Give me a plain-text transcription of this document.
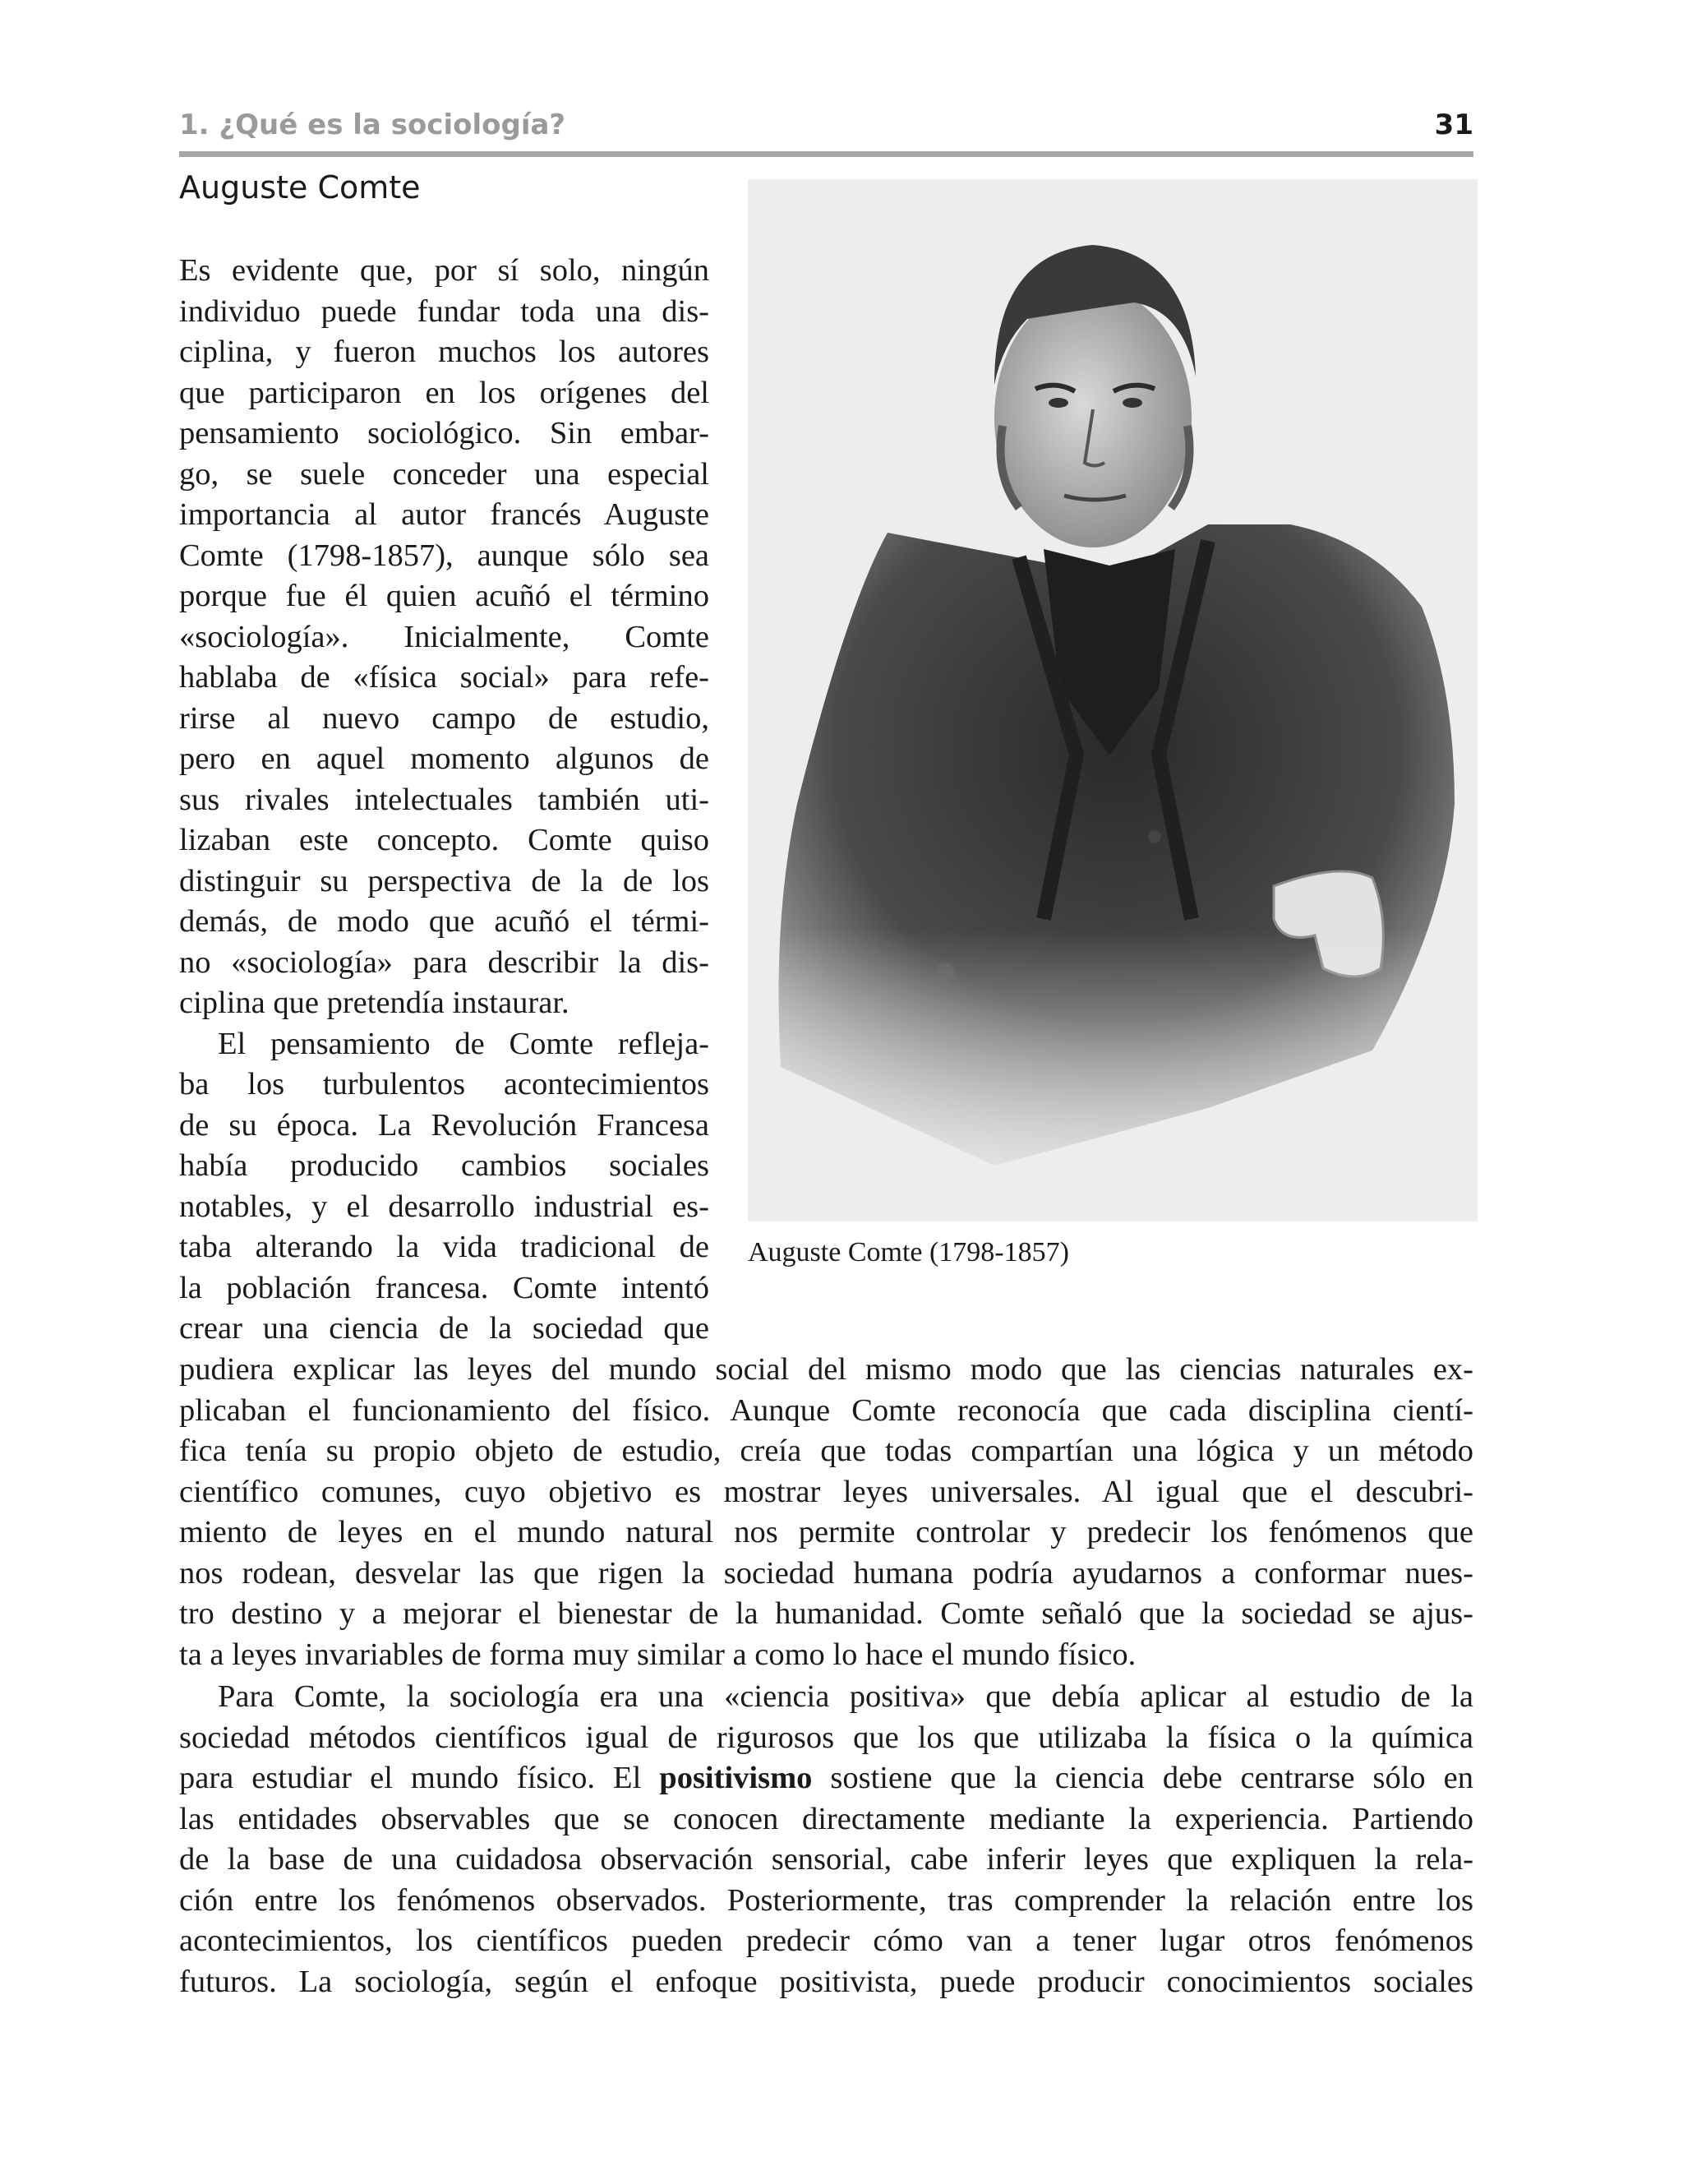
1. ¿Qué es la sociología?	31
Auguste Comte
Auguste Comte (1798-1857)
Es evidente que, por sí solo, ningún
individuo puede fundar toda una dis-
ciplina, y fueron muchos los autores
que participaron en los orígenes del
pensamiento sociológico. Sin embar-
go, se suele conceder una especial
importancia al autor francés Auguste
Comte (1798-1857), aunque sólo sea
porque fue él quien acuñó el término
«sociología». Inicialmente, Comte
hablaba de «física social» para refe-
rirse al nuevo campo de estudio,
pero en aquel momento algunos de
sus rivales intelectuales también uti-
lizaban este concepto. Comte quiso
distinguir su perspectiva de la de los
demás, de modo que acuñó el térmi-
no «sociología» para describir la dis-
ciplina que pretendía instaurar.
El pensamiento de Comte refleja-
ba los turbulentos acontecimientos
de su época. La Revolución Francesa
había producido cambios sociales
notables, y el desarrollo industrial es-
taba alterando la vida tradicional de
la población francesa. Comte intentó
crear una ciencia de la sociedad que
pudiera explicar las leyes del mundo social del mismo modo que las ciencias naturales ex-
plicaban el funcionamiento del físico. Aunque Comte reconocía que cada disciplina cientí-
fica tenía su propio objeto de estudio, creía que todas compartían una lógica y un método
científico comunes, cuyo objetivo es mostrar leyes universales. Al igual que el descubri-
miento de leyes en el mundo natural nos permite controlar y predecir los fenómenos que
nos rodean, desvelar las que rigen la sociedad humana podría ayudarnos a conformar nues-
tro destino y a mejorar el bienestar de la humanidad. Comte señaló que la sociedad se ajus-
ta a leyes invariables de forma muy similar a como lo hace el mundo físico.
Para Comte, la sociología era una «ciencia positiva» que debía aplicar al estudio de la
sociedad métodos científicos igual de rigurosos que los que utilizaba la física o la química
para estudiar el mundo físico. El positivismo sostiene que la ciencia debe centrarse sólo en
las entidades observables que se conocen directamente mediante la experiencia. Partiendo
de la base de una cuidadosa observación sensorial, cabe inferir leyes que expliquen la rela-
ción entre los fenómenos observados. Posteriormente, tras comprender la relación entre los
acontecimientos, los científicos pueden predecir cómo van a tener lugar otros fenómenos
futuros. La sociología, según el enfoque positivista, puede producir conocimientos sociales
